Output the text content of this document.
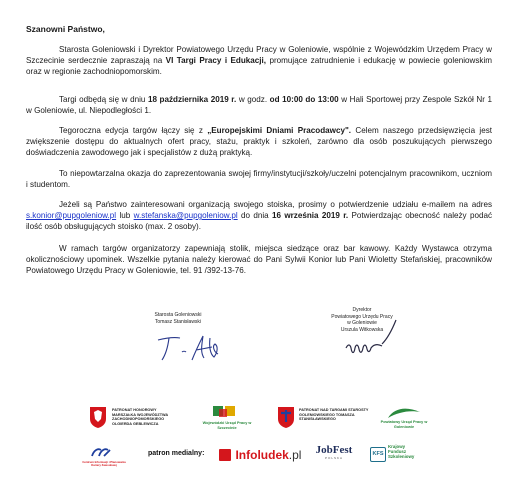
Szanowni Państwo,
Starosta Goleniowski i Dyrektor Powiatowego Urzędu Pracy w Goleniowie, wspólnie z Wojewódzkim Urzędem Pracy w Szczecinie serdecznie zapraszają na VI Targi Pracy i Edukacji, promujące zatrudnienie i edukację w powiecie goleniowskim oraz w regionie zachodniopomorskim.
Targi odbędą się w dniu 18 października 2019 r. w godz. od 10:00 do 13:00 w Hali Sportowej przy Zespole Szkół Nr 1 w Goleniowie, ul. Niepodległości 1.
Tegoroczna edycja targów łączy się z „Europejskimi Dniami Pracodawcy". Celem naszego przedsięwzięcia jest zwiększenie dostępu do aktualnych ofert pracy, stażu, praktyk i szkoleń, zarówno dla osób poszukujących pierwszego doświadczenia zawodowego jak i specjalistów z dużą praktyką.
To niepowtarzalna okazja do zaprezentowania swojej firmy/instytucji/szkoły/uczelni potencjalnym pracownikom, uczniom i studentom.
Jeżeli są Państwo zainteresowani organizacją swojego stoiska, prosimy o potwierdzenie udziału e-mailem na adres s.konior@pupgoleniow.pl lub w.stefanska@pupgoleniow.pl do dnia 16 września 2019 r. Potwierdzając obecność należy podać ilość osób obsługujących stoisko (max. 2 osoby).
W ramach targów organizatorzy zapewniają stolik, miejsca siedzące oraz bar kawowy. Każdy Wystawca otrzyma okolicznościowy upominek. Wszelkie pytania należy kierować do Pani Sylwii Konior lub Pani Wioletty Stefańskiej, pracowników Powiatowego Urzędu Pracy w Goleniowie, tel. 91 /392-13-76.
Starosta Goleniowski
Tomasz Stanisławski
Dyrektor
Powiatowego Urzędu Pracy
w Goleniowie
Urszula Witkowska
PATRONAT HONOROWY MARSZAŁKA WOJEWÓDZTWA ZACHODNIOPOMORSKIEGO OLGIERDA GEBLEWICZA	Wojewódzki Urząd Pracy w Szczecinie
PATRONAT NAD TARGAMI STAROSTY GOLENIOWSKIEGO TOMASZA STANISŁAWSKIEGO
Powiatowy Urząd Pracy w Goleniowie
Centrum Informacji i Planowania Kariery Zawodowej
patron medialny:	Infoludek.pl	JobFest
POLSKA
KFS
Krajowy Fundusz Szkoleniowy
